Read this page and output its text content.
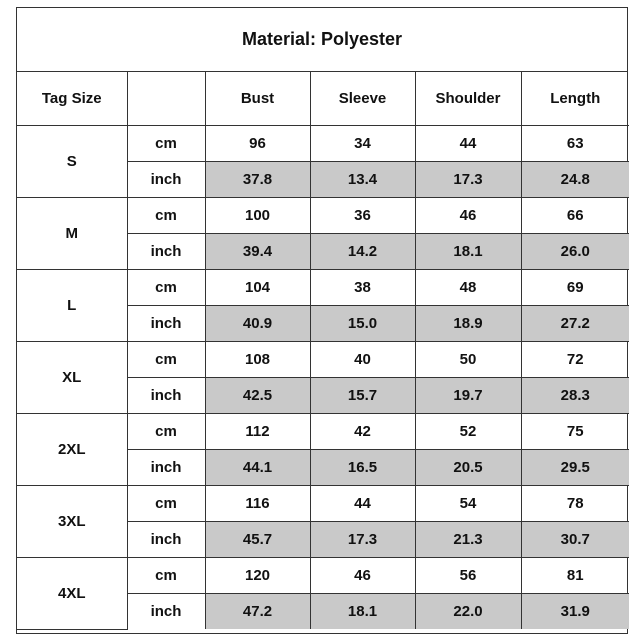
Material: Polyester
Tag Size		Bust	Sleeve	Shoulder	Length
S	cm	96	34	44	63
	inch	37.8	13.4	17.3	24.8
M	cm	100	36	46	66
	inch	39.4	14.2	18.1	26.0
L	cm	104	38	48	69
	inch	40.9	15.0	18.9	27.2
XL	cm	108	40	50	72
	inch	42.5	15.7	19.7	28.3
2XL	cm	112	42	52	75
	inch	44.1	16.5	20.5	29.5
3XL	cm	116	44	54	78
	inch	45.7	17.3	21.3	30.7
4XL	cm	120	46	56	81
	inch	47.2	18.1	22.0	31.9
